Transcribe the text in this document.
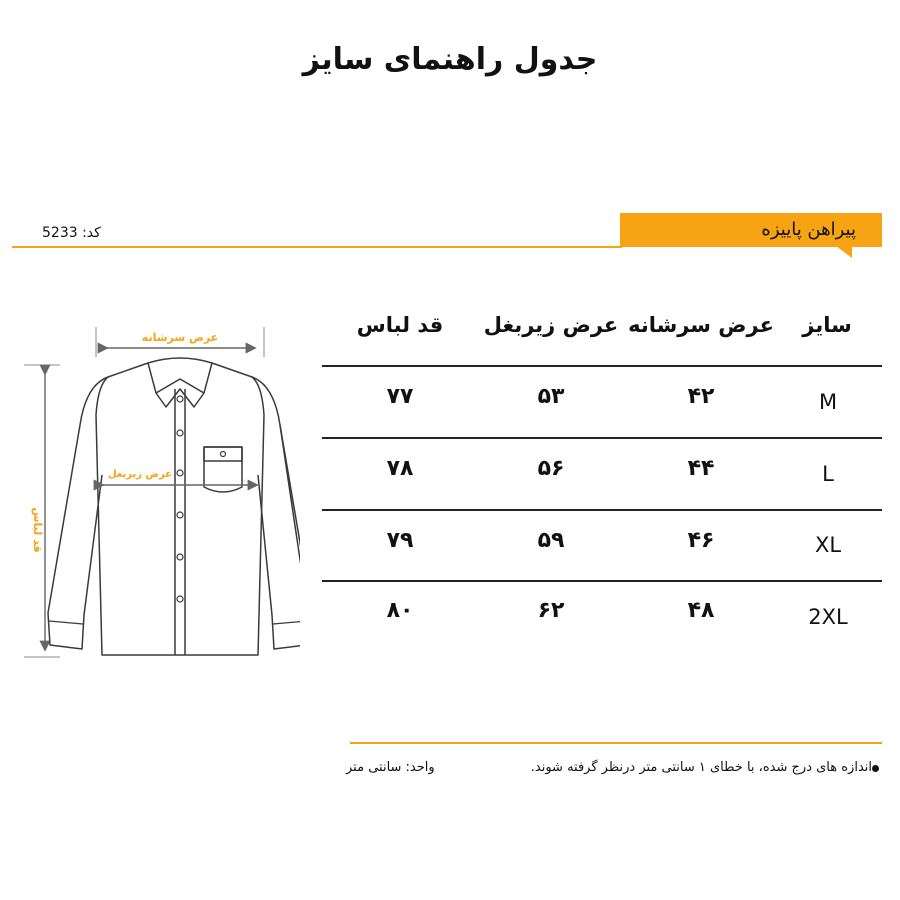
جدول راهنمای سایز
پیراهن پاییزه
کد: 5233
سایز
عرض سرشانه
عرض زیربغل
قد لباس
M
۴۲
۵۳
۷۷
L
۴۴
۵۶
۷۸
XL
۴۶
۵۹
۷۹
2XL
۴۸
۶۲
۸۰
عرض سرشانه
قد لباس
عرض زیربغل
اندازه های درج شده، با خطای ۱ سانتی متر درنظر گرفته شوند.
واحد: سانتی متر
